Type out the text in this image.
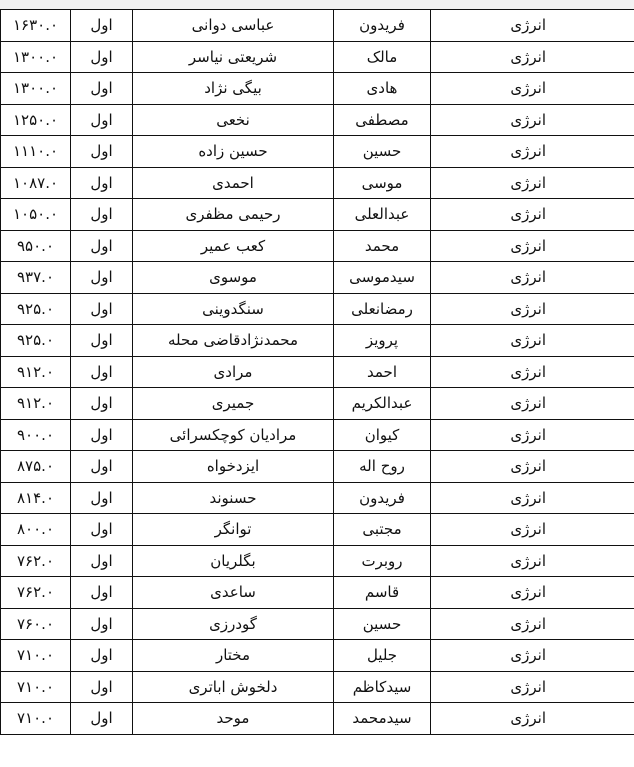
۱۶۳۰.۰	اول	عباسی دوانی	فریدون	انرژی
۱۳۰۰.۰	اول	شریعتی نیاسر	مالک	انرژی
۱۳۰۰.۰	اول	بیگی نژاد	هادی	انرژی
۱۲۵۰.۰	اول	نخعی	مصطفی	انرژی
۱۱۱۰.۰	اول	حسین زاده	حسین	انرژی
۱۰۸۷.۰	اول	احمدی	موسی	انرژی
۱۰۵۰.۰	اول	رحیمی مظفری	عبدالعلی	انرژی
۹۵۰.۰	اول	کعب عمیر	محمد	انرژی
۹۳۷.۰	اول	موسوی	سیدموسی	انرژی
۹۲۵.۰	اول	سنگدوینی	رمضانعلی	انرژی
۹۲۵.۰	اول	محمدنژادقاضی محله	پرویز	انرژی
۹۱۲.۰	اول	مرادی	احمد	انرژی
۹۱۲.۰	اول	جمیری	عبدالکریم	انرژی
۹۰۰.۰	اول	مرادیان کوچکسرائی	کیوان	انرژی
۸۷۵.۰	اول	ایزدخواه	روح اله	انرژی
۸۱۴.۰	اول	حسنوند	فریدون	انرژی
۸۰۰.۰	اول	توانگر	مجتبی	انرژی
۷۶۲.۰	اول	بگلریان	روبرت	انرژی
۷۶۲.۰	اول	ساعدی	قاسم	انرژی
۷۶۰.۰	اول	گودرزی	حسین	انرژی
۷۱۰.۰	اول	مختار	جلیل	انرژی
۷۱۰.۰	اول	دلخوش اباتری	سیدکاظم	انرژی
۷۱۰.۰	اول	موحد	سیدمحمد	انرژی
